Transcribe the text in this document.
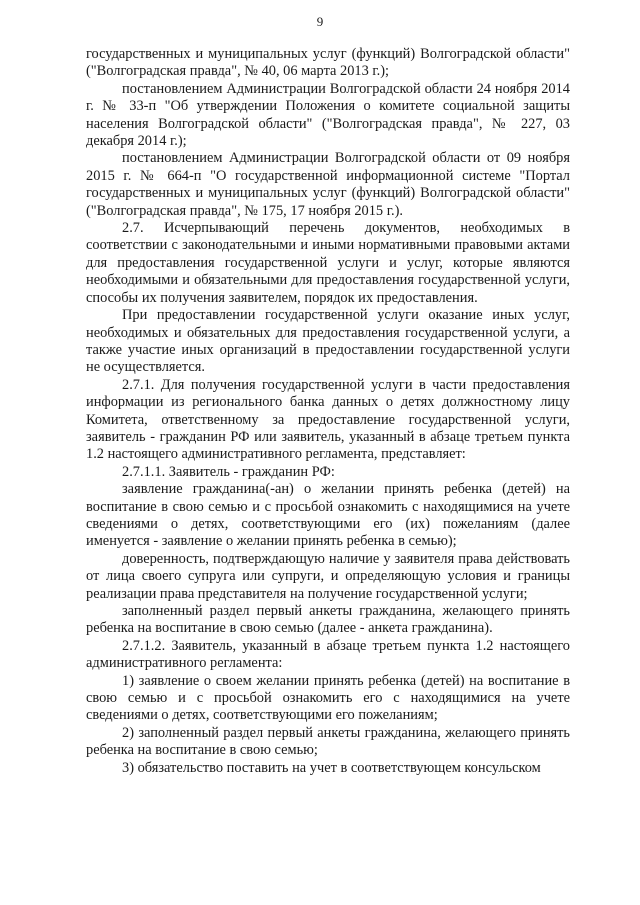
9

государственных и муниципальных услуг (функций) Волгоградской области" ("Волгоградская правда", № 40, 06 марта 2013 г.);

постановлением Администрации Волгоградской области 24 ноября 2014 г. № 33-п "Об утверждении Положения о комитете социальной защиты населения Волгоградской области" ("Волгоградская правда", № 227, 03 декабря 2014 г.);

постановлением Администрации Волгоградской области от 09 ноября 2015 г. № 664-п "О государственной информационной системе "Портал государственных и муниципальных услуг (функций) Волгоградской области" ("Волгоградская правда", № 175, 17 ноября 2015 г.).

2.7. Исчерпывающий перечень документов, необходимых в соответствии с законодательными и иными нормативными правовыми актами для предоставления государственной услуги и услуг, которые являются необходимыми и обязательными для предоставления государственной услуги, способы их получения заявителем, порядок их предоставления.

При предоставлении государственной услуги оказание иных услуг, необходимых и обязательных для предоставления государственной услуги, а также участие иных организаций в предоставлении государственной услуги не осуществляется.

2.7.1. Для получения государственной услуги в части предоставления информации из регионального банка данных о детях должностному лицу Комитета, ответственному за предоставление государственной услуги, заявитель - гражданин РФ или заявитель, указанный в абзаце третьем пункта 1.2 настоящего административного регламента, представляет:

2.7.1.1. Заявитель - гражданин РФ:

заявление гражданина(-ан) о желании принять ребенка (детей) на воспитание в свою семью и с просьбой ознакомить с находящимися на учете сведениями о детях, соответствующими его (их) пожеланиям (далее именуется - заявление о желании принять ребенка в семью);

доверенность, подтверждающую наличие у заявителя права действовать от лица своего супруга или супруги, и определяющую условия и границы реализации права представителя на получение государственной услуги;

заполненный раздел первый анкеты гражданина, желающего принять ребенка на воспитание в свою семью (далее - анкета гражданина).

2.7.1.2. Заявитель, указанный в абзаце третьем пункта 1.2 настоящего административного регламента:

1) заявление о своем желании принять ребенка (детей) на воспитание в свою семью и с просьбой ознакомить его с находящимися на учете сведениями о детях, соответствующими его пожеланиям;

2) заполненный раздел первый анкеты гражданина, желающего принять ребенка на воспитание в свою семью;

3) обязательство поставить на учет в соответствующем консульском
